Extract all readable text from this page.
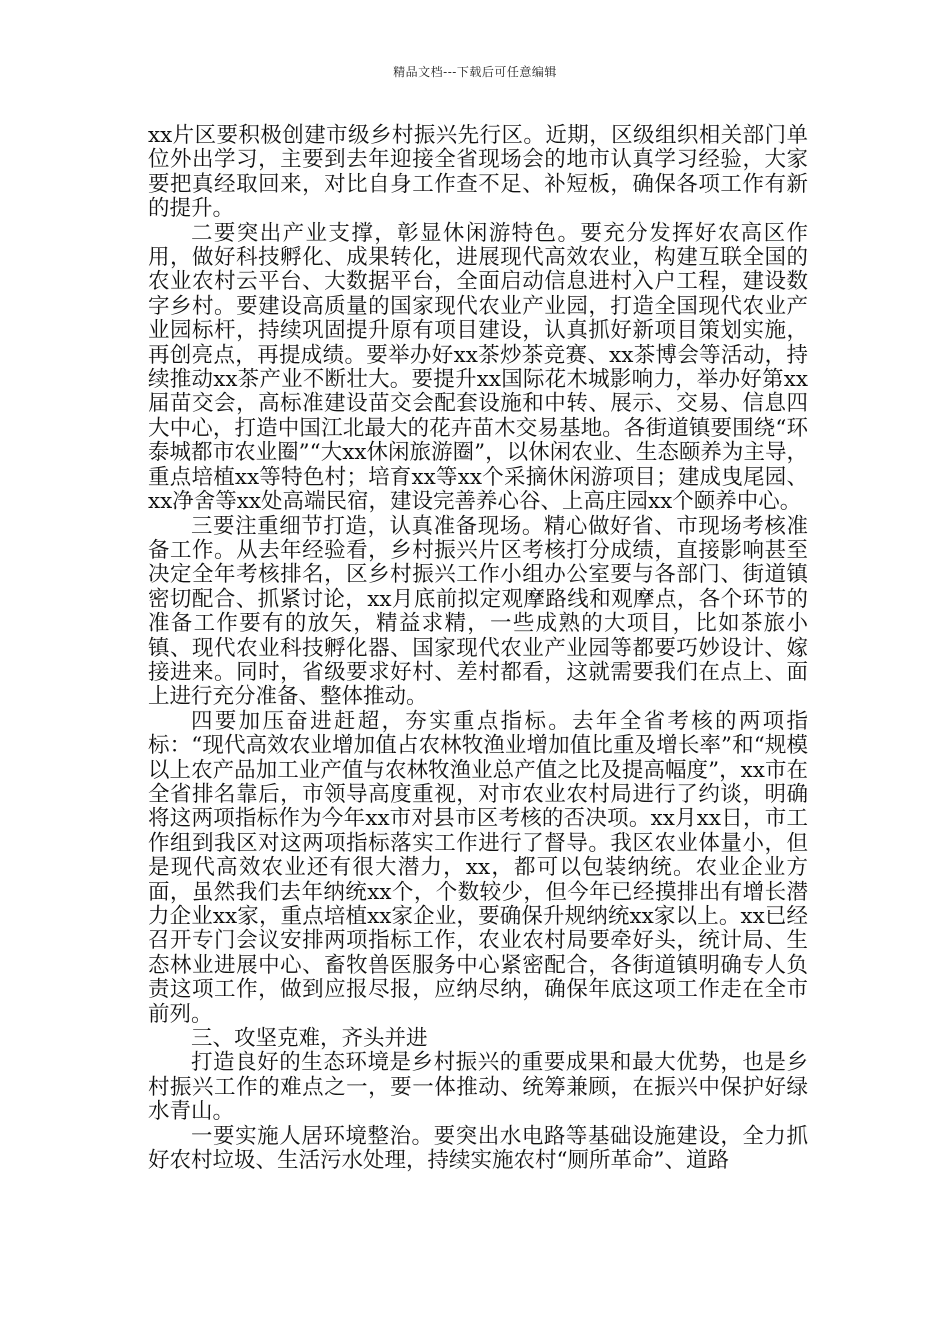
精品文档---下载后可任意编辑

xx片区要积极创建市级乡村振兴先行区。近期，区级组织相关部门单位外出学习，主要到去年迎接全省现场会的地市认真学习经验，大家要把真经取回来，对比自身工作查不足、补短板，确保各项工作有新的提升。

二要突出产业支撑，彰显休闲游特色。要充分发挥好农高区作用，做好科技孵化、成果转化，进展现代高效农业，构建互联全国的农业农村云平台、大数据平台，全面启动信息进村入户工程，建设数字乡村。要建设高质量的国家现代农业产业园，打造全国现代农业产业园标杆，持续巩固提升原有项目建设，认真抓好新项目策划实施，再创亮点，再提成绩。要举办好xx茶炒茶竞赛、xx茶博会等活动，持续推动xx茶产业不断壮大。要提升xx国际花木城影响力，举办好第xx届苗交会，高标准建设苗交会配套设施和中转、展示、交易、信息四大中心，打造中国江北最大的花卉苗木交易基地。各街道镇要围绕“环泰城都市农业圈”“大xx休闲旅游圈”，以休闲农业、生态颐养为主导，重点培植xx等特色村；培育xx等xx个采摘休闲游项目；建成曳尾园、xx净舍等xx处高端民宿，建设完善养心谷、上高庄园xx个颐养中心。

三要注重细节打造，认真准备现场。精心做好省、市现场考核准备工作。从去年经验看，乡村振兴片区考核打分成绩，直接影响甚至决定全年考核排名，区乡村振兴工作小组办公室要与各部门、街道镇密切配合、抓紧讨论，xx月底前拟定观摩路线和观摩点，各个环节的准备工作要有的放矢，精益求精，一些成熟的大项目，比如茶旅小镇、现代农业科技孵化器、国家现代农业产业园等都要巧妙设计、嫁接进来。同时，省级要求好村、差村都看，这就需要我们在点上、面上进行充分准备、整体推动。

四要加压奋进赶超，夯实重点指标。去年全省考核的两项指标：“现代高效农业增加值占农林牧渔业增加值比重及增长率”和“规模以上农产品加工业产值与农林牧渔业总产值之比及提高幅度”，xx市在全省排名靠后，市领导高度重视，对市农业农村局进行了约谈，明确将这两项指标作为今年xx市对县市区考核的否决项。xx月xx日，市工作组到我区对这两项指标落实工作进行了督导。我区农业体量小，但是现代高效农业还有很大潜力，xx，都可以包装纳统。农业企业方面，虽然我们去年纳统xx个，个数较少，但今年已经摸排出有增长潜力企业xx家，重点培植xx家企业，要确保升规纳统xx家以上。xx已经召开专门会议安排两项指标工作，农业农村局要牵好头，统计局、生态林业进展中心、畜牧兽医服务中心紧密配合，各街道镇明确专人负责这项工作，做到应报尽报，应纳尽纳，确保年底这项工作走在全市前列。

三、攻坚克难，齐头并进

打造良好的生态环境是乡村振兴的重要成果和最大优势，也是乡村振兴工作的难点之一，要一体推动、统筹兼顾，在振兴中保护好绿水青山。

一要实施人居环境整治。要突出水电路等基础设施建设，全力抓好农村垃圾、生活污水处理，持续实施农村“厕所革命”、道路
